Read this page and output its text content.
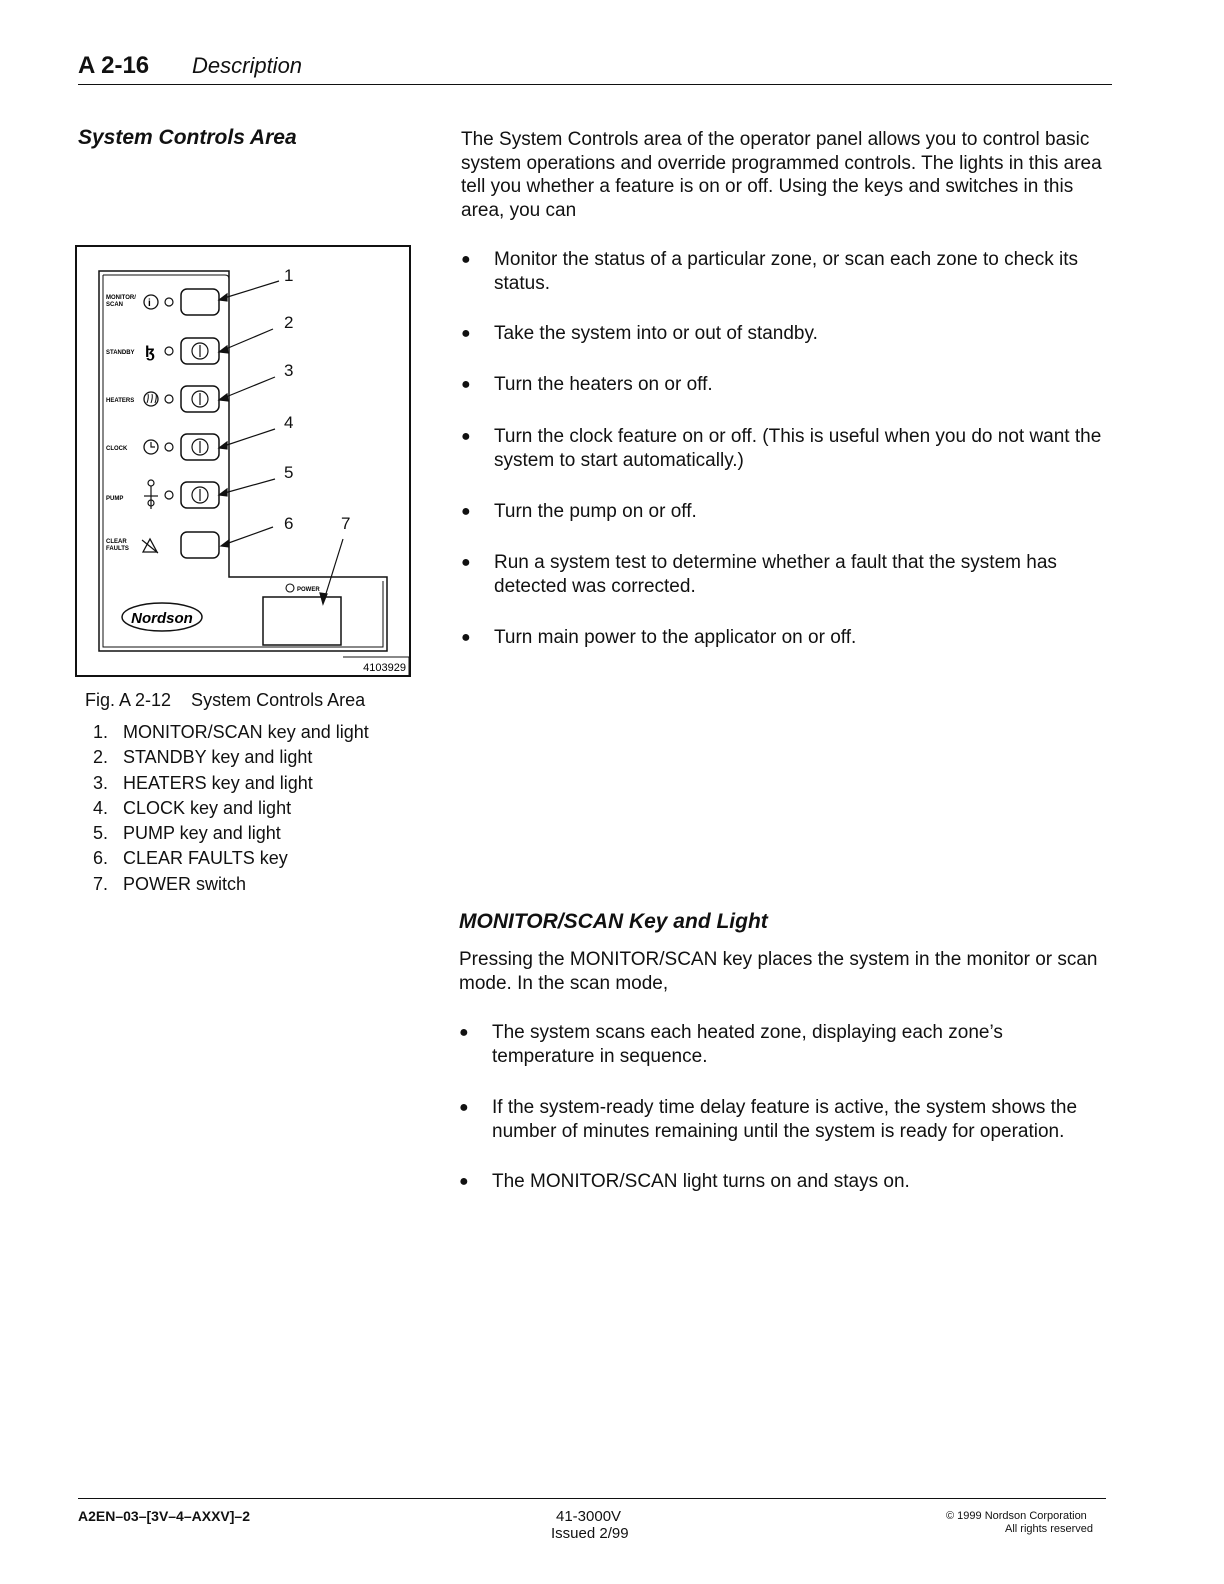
A 2-16 Description
System Controls Area	The System Controls area of the operator panel allows you to control basic system operations and override programmed controls. The lights in this area tell you whether a feature is on or off. Using the keys and switches in this area, you can
● Monitor the status of a particular zone, or scan each zone to check its status.
● Take the system into or out of standby.
● Turn the heaters on or off.
● Turn the clock feature on or off. (This is useful when you do not want the system to start automatically.)
● Turn the pump on or off.
● Run a system test to determine whether a fault that the system has detected was corrected.
● Turn main power to the applicator on or off.
MONITOR/
SCAN i
STANDBY ɮ
HEATERS
CLOCK
PUMP
CLEAR
FAULTS
POWER
Nordson
1
2
3
4
5
6	7
4103929
Fig. A 2-12    System Controls Area
1. MONITOR/SCAN key and light
2. STANDBY key and light
3. HEATERS key and light
4. CLOCK key and light
5. PUMP key and light
6. CLEAR FAULTS key
7. POWER switch
MONITOR/SCAN Key and Light
Pressing the MONITOR/SCAN key places the system in the monitor or scan mode. In the scan mode,
● The system scans each heated zone, displaying each zone’s temperature in sequence.
● If the system-ready time delay feature is active, the system shows the number of minutes remaining until the system is ready for operation.
● The MONITOR/SCAN light turns on and stays on.
A2EN–03–[3V–4–AXXV]–2	41-3000V
Issued 2/99
© 1999 Nordson Corporation
All rights reserved
